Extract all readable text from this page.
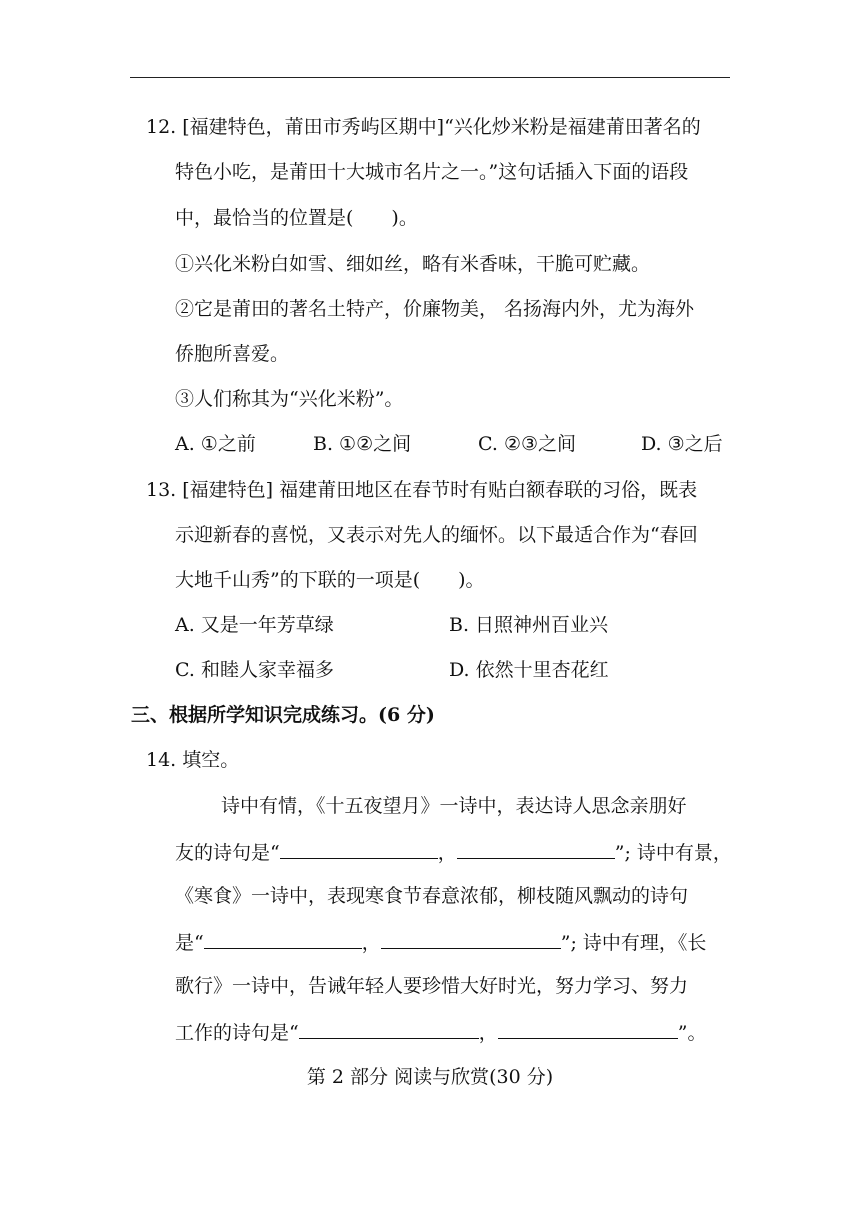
12. [福建特色，莆田市秀屿区期中]“兴化炒米粉是福建莆田著名的
特色小吃，是莆田十大城市名片之一。”这句话插入下面的语段
中，最恰当的位置是(　　)。
①兴化米粉白如雪、细如丝，略有米香味，干脆可贮藏。
②它是莆田的著名土特产，价廉物美， 名扬海内外，尤为海外
侨胞所喜爱。
③人们称其为“兴化米粉”。
A. ①之前	B. ①②之间	C. ②③之间	D. ③之后
13. [福建特色] 福建莆田地区在春节时有贴白额春联的习俗，既表
示迎新春的喜悦，又表示对先人的缅怀。以下最适合作为“春回
大地千山秀”的下联的一项是(　　)。
A. 又是一年芳草绿	B. 日照神州百业兴
C. 和睦人家幸福多	D. 依然十里杏花红
三、根据所学知识完成练习。(6 分)
14. 填空。
诗中有情，《十五夜望月》一诗中，表达诗人思念亲朋好
友的诗句是“	，	”; 诗中有景，
《寒食》一诗中，表现寒食节春意浓郁，柳枝随风飘动的诗句
是“	，	”; 诗中有理，《长
歌行》一诗中，告诫年轻人要珍惜大好时光，努力学习、努力
工作的诗句是“	，	”。
第 2 部分 阅读与欣赏(30 分)
